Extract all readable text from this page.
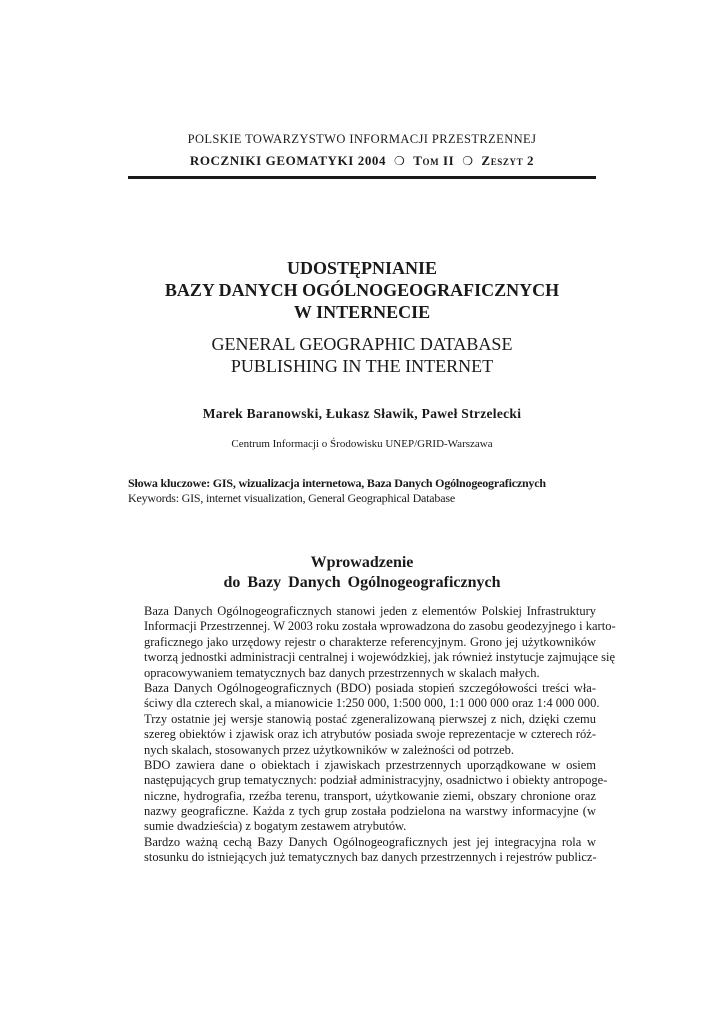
POLSKIE TOWARZYSTWO INFORMACJI PRZESTRZENNEJ
ROCZNIKI GEOMATYKI 2004 ❍ Tom II ❍ Zeszyt 2
UDOSTĘPNIANIE
BAZY DANYCH OGÓLNOGEOGRAFICZNYCH
W INTERNECIE
GENERAL GEOGRAPHIC DATABASE
PUBLISHING IN THE INTERNET
Marek Baranowski, Łukasz Sławik, Paweł Strzelecki
Centrum Informacji o Środowisku UNEP/GRID-Warszawa
Słowa kluczowe: GIS, wizualizacja internetowa, Baza Danych Ogólnogeograficznych
Keywords: GIS, internet visualization, General Geographical Database
Wprowadzenie
do Bazy Danych Ogólnogeograficznych

Baza Danych Ogólnogeograficznych stanowi jeden z elementów Polskiej Infrastruktury
Informacji Przestrzennej. W 2003 roku została wprowadzona do zasobu geodezyjnego i karto-
graficznego jako urzędowy rejestr o charakterze referencyjnym. Grono jej użytkowników
tworzą jednostki administracji centralnej i wojewódzkiej, jak również instytucje zajmujące się
opracowywaniem tematycznych baz danych przestrzennych w skalach małych.

Baza Danych Ogólnogeograficznych (BDO) posiada stopień szczegółowości treści wła-
ściwy dla czterech skal, a mianowicie 1:250 000, 1:500 000, 1:1 000 000 oraz 1:4 000 000.
Trzy ostatnie jej wersje stanowią postać zgeneralizowaną pierwszej z nich, dzięki czemu
szereg obiektów i zjawisk oraz ich atrybutów posiada swoje reprezentacje w czterech róż-
nych skalach, stosowanych przez użytkowników w zależności od potrzeb.

BDO zawiera dane o obiektach i zjawiskach przestrzennych uporządkowane w osiem
następujących grup tematycznych: podział administracyjny, osadnictwo i obiekty antropoge-
niczne, hydrografia, rzeźba terenu, transport, użytkowanie ziemi, obszary chronione oraz
nazwy geograficzne. Każda z tych grup została podzielona na warstwy informacyjne (w
sumie dwadzieścia) z bogatym zestawem atrybutów.

Bardzo ważną cechą Bazy Danych Ogólnogeograficznych jest jej integracyjna rola w
stosunku do istniejących już tematycznych baz danych przestrzennych i rejestrów publicz-
